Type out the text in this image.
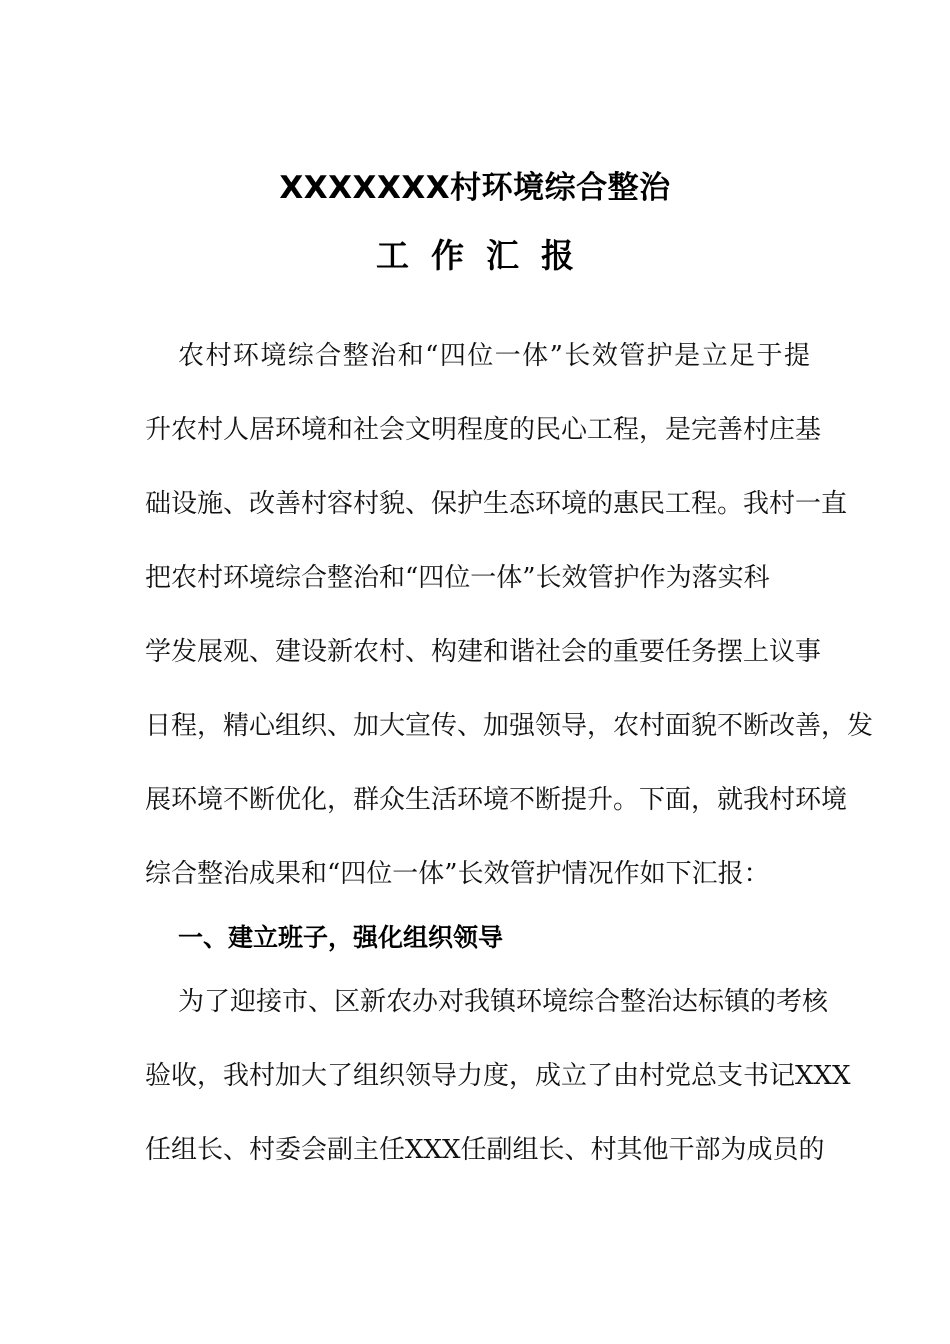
XXXXXXX村环境综合整治
工作汇报
农村环境综合整治和“四位一体”长效管护是立足于提
升农村人居环境和社会文明程度的民心工程，是完善村庄基
础设施、改善村容村貌、保护生态环境的惠民工程。我村一直
把农村环境综合整治和“四位一体”长效管护作为落实科
学发展观、建设新农村、构建和谐社会的重要任务摆上议事
日程，精心组织、加大宣传、加强领导，农村面貌不断改善，发
展环境不断优化，群众生活环境不断提升。下面，就我村环境
综合整治成果和“四位一体”长效管护情况作如下汇报：
一、建立班子，强化组织领导
为了迎接市、区新农办对我镇环境综合整治达标镇的考核
验收，我村加大了组织领导力度，成立了由村党总支书记XXX
任组长、村委会副主任XXX任副组长、村其他干部为成员的
